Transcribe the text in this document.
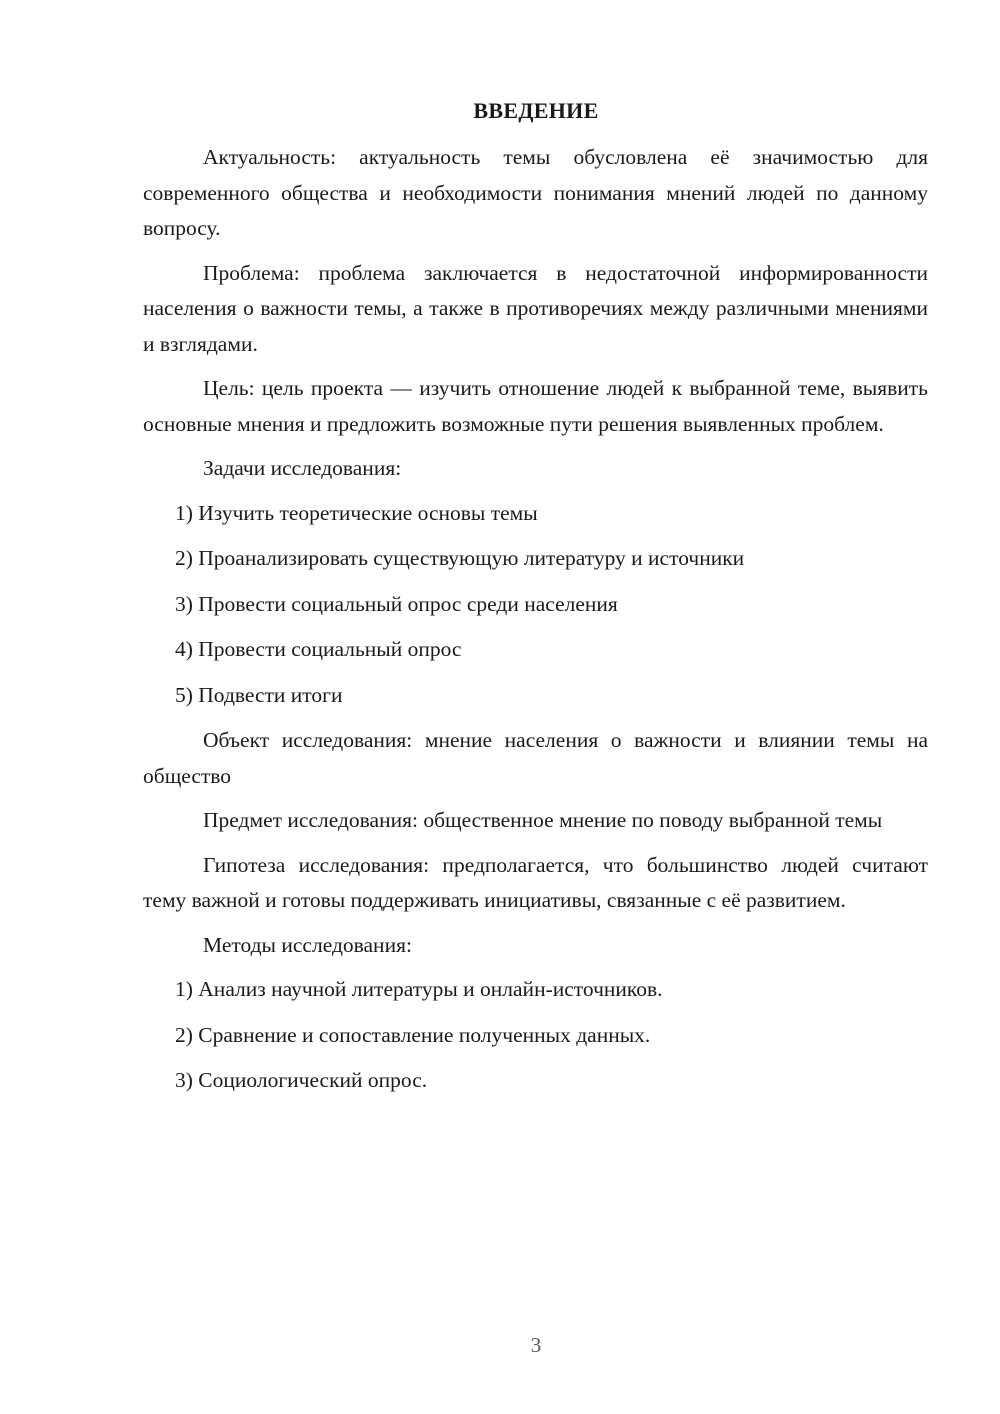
ВВЕДЕНИЕ

Актуальность: актуальность темы обусловлена её значимостью для современного общества и необходимости понимания мнений людей по данному вопросу.

Проблема: проблема заключается в недостаточной информированности населения о важности темы, а также в противоречиях между различными мнениями и взглядами.

Цель: цель проекта — изучить отношение людей к выбранной теме, выявить основные мнения и предложить возможные пути решения выявленных проблем.

Задачи исследования:

1) Изучить теоретические основы темы

2) Проанализировать существующую литературу и источники

3) Провести социальный опрос среди населения

4) Провести социальный опрос

5) Подвести итоги

Объект исследования: мнение населения о важности и влиянии темы на общество

Предмет исследования: общественное мнение по поводу выбранной темы

Гипотеза исследования: предполагается, что большинство людей считают тему важной и готовы поддерживать инициативы, связанные с её развитием.

Методы исследования:

1) Анализ научной литературы и онлайн-источников.

2) Сравнение и сопоставление полученных данных.

3) Социологический опрос.

3
